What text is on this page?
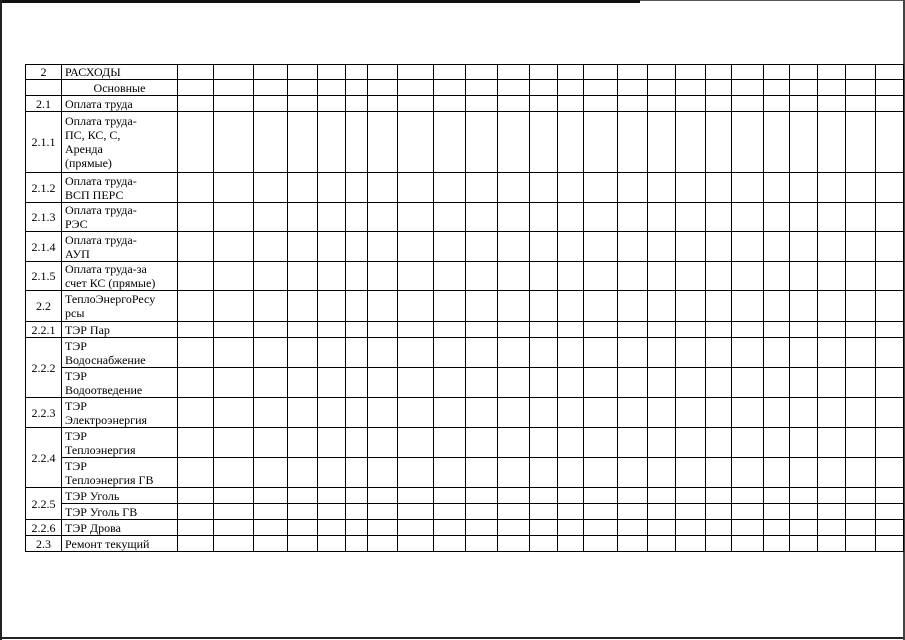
2	РАСХОДЫ																								
	Основные																								
2.1	Оплата труда																								
2.1.1	Оплата труда-
ПС, КС, С,
Аренда
(прямые)																								
2.1.2	Оплата труда-
ВСП ПЕРС																								
2.1.3	Оплата труда-
РЭС																								
2.1.4	Оплата труда-
АУП																								
2.1.5	Оплата труда-за
счет КС (прямые)																								
2.2	ТеплоЭнергоРесу
рсы																								
2.2.1	ТЭР Пар																								
2.2.2	ТЭР
Водоснабжение																								
	ТЭР
Водоотведение																								
2.2.3	ТЭР
Электроэнергия																								
2.2.4	ТЭР
Теплоэнергия																								
	ТЭР
Теплоэнергия ГВ																								
2.2.5	ТЭР Уголь																								
	ТЭР Уголь ГВ																								
2.2.6	ТЭР Дрова																								
2.3	Ремонт текущий																								
